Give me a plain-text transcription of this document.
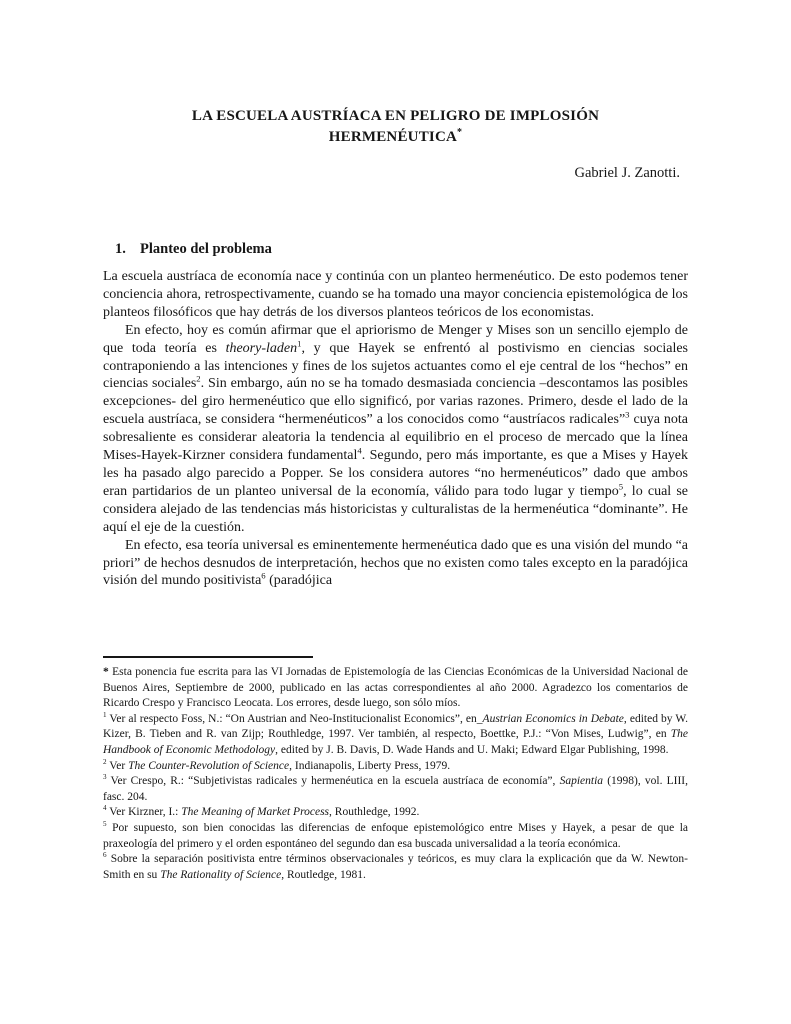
LA ESCUELA AUSTRÍACA EN PELIGRO DE IMPLOSIÓN
HERMENÉUTICA*
Gabriel J. Zanotti.
1. Planteo del problema

La escuela austríaca de economía nace y continúa con un planteo hermenéutico. De esto podemos tener conciencia ahora, retrospectivamente, cuando se ha tomado una mayor conciencia epistemológica de los planteos filosóficos que hay detrás de los diversos planteos teóricos de los economistas.

En efecto, hoy es común afirmar que el apriorismo de Menger y Mises son un sencillo ejemplo de que toda teoría es theory-laden$^1$, y que Hayek se enfrentó al postivismo en ciencias sociales contraponiendo a las intenciones y fines de los sujetos actuantes como el eje central de los “hechos” en ciencias sociales$^2$. Sin embargo, aún no se ha tomado desmasiada conciencia –descontamos las posibles excepciones- del giro hermenéutico que ello significó, por varias razones. Primero, desde el lado de la escuela austríaca, se considera “hermenéuticos” a los conocidos como “austríacos radicales”$^3$ cuya nota sobresaliente es considerar aleatoria la tendencia al equilibrio en el proceso de mercado que la línea Mises-Hayek-Kirzner considera fundamental$^4$. Segundo, pero más importante, es que a Mises y Hayek les ha pasado algo parecido a Popper. Se los considera autores “no hermenéuticos” dado que ambos eran partidarios de un planteo universal de la economía, válido para todo lugar y tiempo$^5$, lo cual se considera alejado de las tendencias más historicistas y culturalistas de la hermenéutica “dominante”. He aquí el eje de la cuestión.

En efecto, esa teoría universal es eminentemente hermenéutica dado que es una visión del mundo “a priori” de hechos desnudos de interpretación, hechos que no existen como tales excepto en la paradójica visión del mundo positivista$^6$ (paradójica

* Esta ponencia fue escrita para las VI Jornadas de Epistemología de las Ciencias Económicas de la Universidad Nacional de Buenos Aires, Septiembre de 2000, publicado en las actas correspondientes al año 2000. Agradezco los comentarios de Ricardo Crespo y Francisco Leocata. Los errores, desde luego, son sólo míos.
$^1$ Ver al respecto Foss, N.: “On Austrian and Neo-Institucionalist Economics”, en_Austrian Economics in Debate, edited by W. Kizer, B. Tieben and R. van Zijp; Routhledge, 1997. Ver también, al respecto, Boettke, P.J.: “Von Mises, Ludwig”, en The Handbook of Economic Methodology, edited by J. B. Davis, D. Wade Hands and U. Maki; Edward Elgar Publishing, 1998.
$^2$ Ver The Counter-Revolution of Science, Indianapolis, Liberty Press, 1979.
$^3$ Ver Crespo, R.: “Subjetivistas radicales y hermenéutica en la escuela austríaca de economía”, Sapientia (1998), vol. LIII, fasc. 204.
$^4$ Ver Kirzner, I.: The Meaning of Market Process, Routhledge, 1992.
$^5$ Por supuesto, son bien conocidas las diferencias de enfoque epistemológico entre Mises y Hayek, a pesar de que la praxeología del primero y el orden espontáneo del segundo dan esa buscada universalidad a la teoría económica.
$^6$ Sobre la separación positivista entre términos observacionales y teóricos, es muy clara la explicación que da W. Newton-Smith en su The Rationality of Science, Routledge, 1981.
